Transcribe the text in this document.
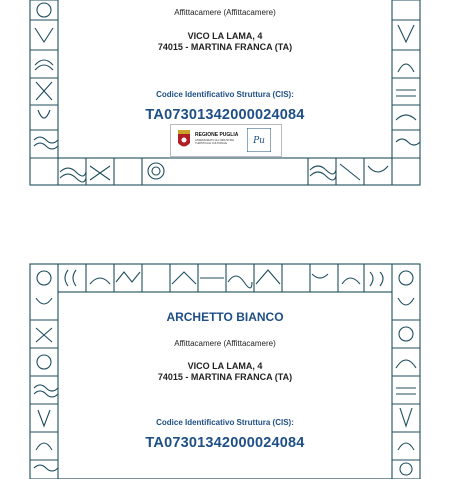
Affittacamere (Affittacamere)
VICO LA LAMA, 4
74015 - MARTINA FRANCA (TA)
Codice Identificativo Struttura (CIS):
TA07301342000024084
REGIONE PUGLIA
ASSESSORATO ALL'INDUSTRIA TURISTICA E CULTURALE	Pu
ARCHETTO BIANCO
Affittacamere (Affittacamere)
VICO LA LAMA, 4
74015 - MARTINA FRANCA (TA)
Codice Identificativo Struttura (CIS):
TA07301342000024084
